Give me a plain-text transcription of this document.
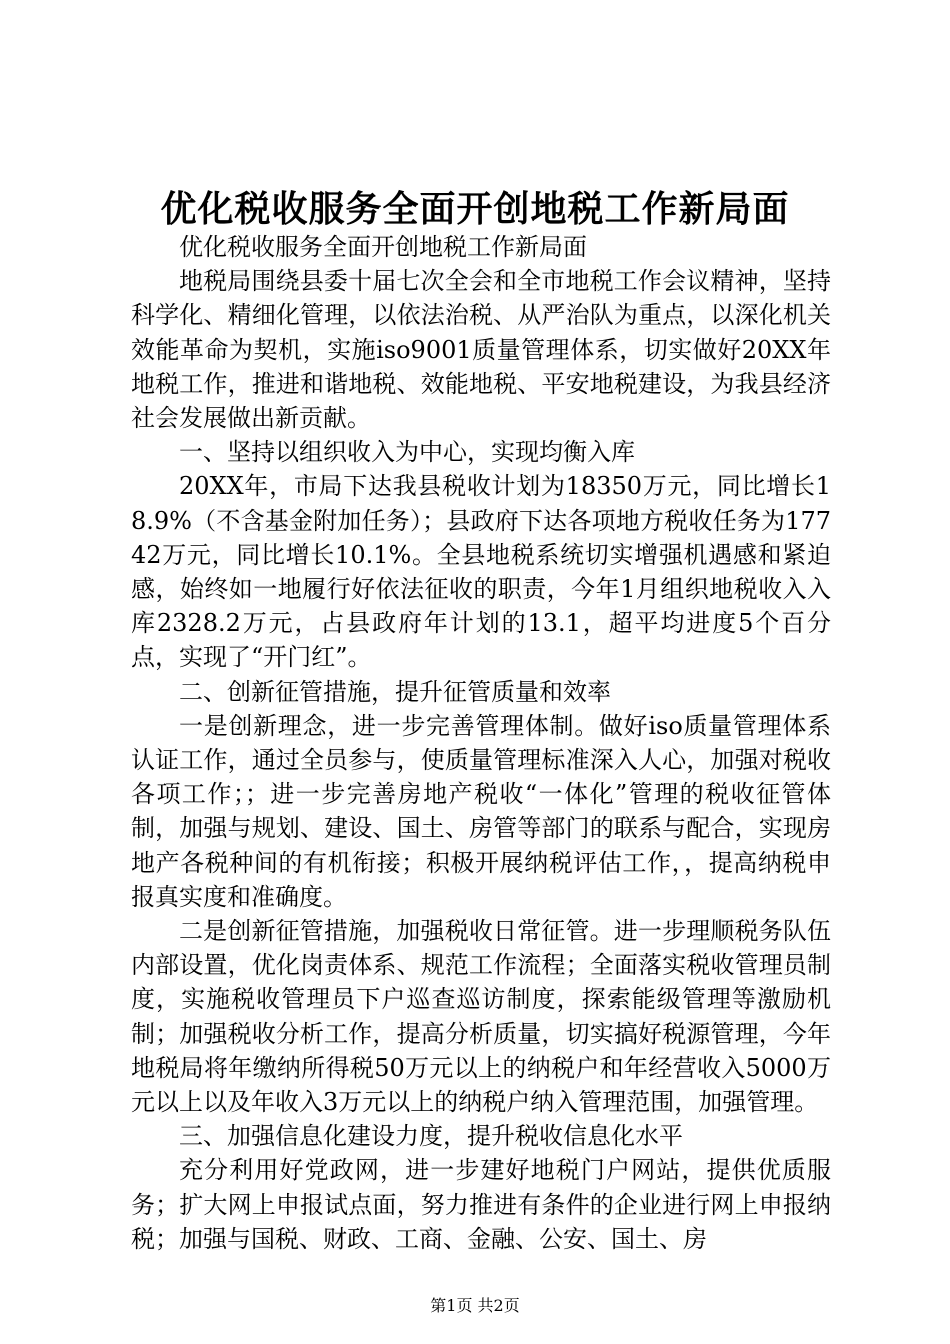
优化税收服务全面开创地税工作新局面

优化税收服务全面开创地税工作新局面

地税局围绕县委十届七次全会和全市地税工作会议精神，坚持科学化、精细化管理，以依法治税、从严治队为重点，以深化机关效能革命为契机，实施iso9001质量管理体系，切实做好20XX年地税工作，推进和谐地税、效能地税、平安地税建设，为我县经济社会发展做出新贡献。

一、坚持以组织收入为中心，实现均衡入库

20XX年，市局下达我县税收计划为18350万元，同比增长18.9%（不含基金附加任务）；县政府下达各项地方税收任务为17742万元，同比增长10.1%。全县地税系统切实增强机遇感和紧迫感，始终如一地履行好依法征收的职责，今年1月组织地税收入入库2328.2万元，占县政府年计划的13.1，超平均进度5个百分点，实现了“开门红”。

二、创新征管措施，提升征管质量和效率

一是创新理念，进一步完善管理体制。做好iso质量管理体系认证工作，通过全员参与，使质量管理标准深入人心，加强对税收各项工作；；进一步完善房地产税收“一体化”管理的税收征管体制，加强与规划、建设、国土、房管等部门的联系与配合，实现房地产各税种间的有机衔接；积极开展纳税评估工作，，提高纳税申报真实度和准确度。

二是创新征管措施，加强税收日常征管。进一步理顺税务队伍内部设置，优化岗责体系、规范工作流程；全面落实税收管理员制度，实施税收管理员下户巡查巡访制度，探索能级管理等激励机制；加强税收分析工作，提高分析质量，切实搞好税源管理，今年地税局将年缴纳所得税50万元以上的纳税户和年经营收入5000万元以上以及年收入3万元以上的纳税户纳入管理范围，加强管理。

三、加强信息化建设力度，提升税收信息化水平

充分利用好党政网，进一步建好地税门户网站，提供优质服务；扩大网上申报试点面，努力推进有条件的企业进行网上申报纳税；加强与国税、财政、工商、金融、公安、国土、房

第1页 共2页
